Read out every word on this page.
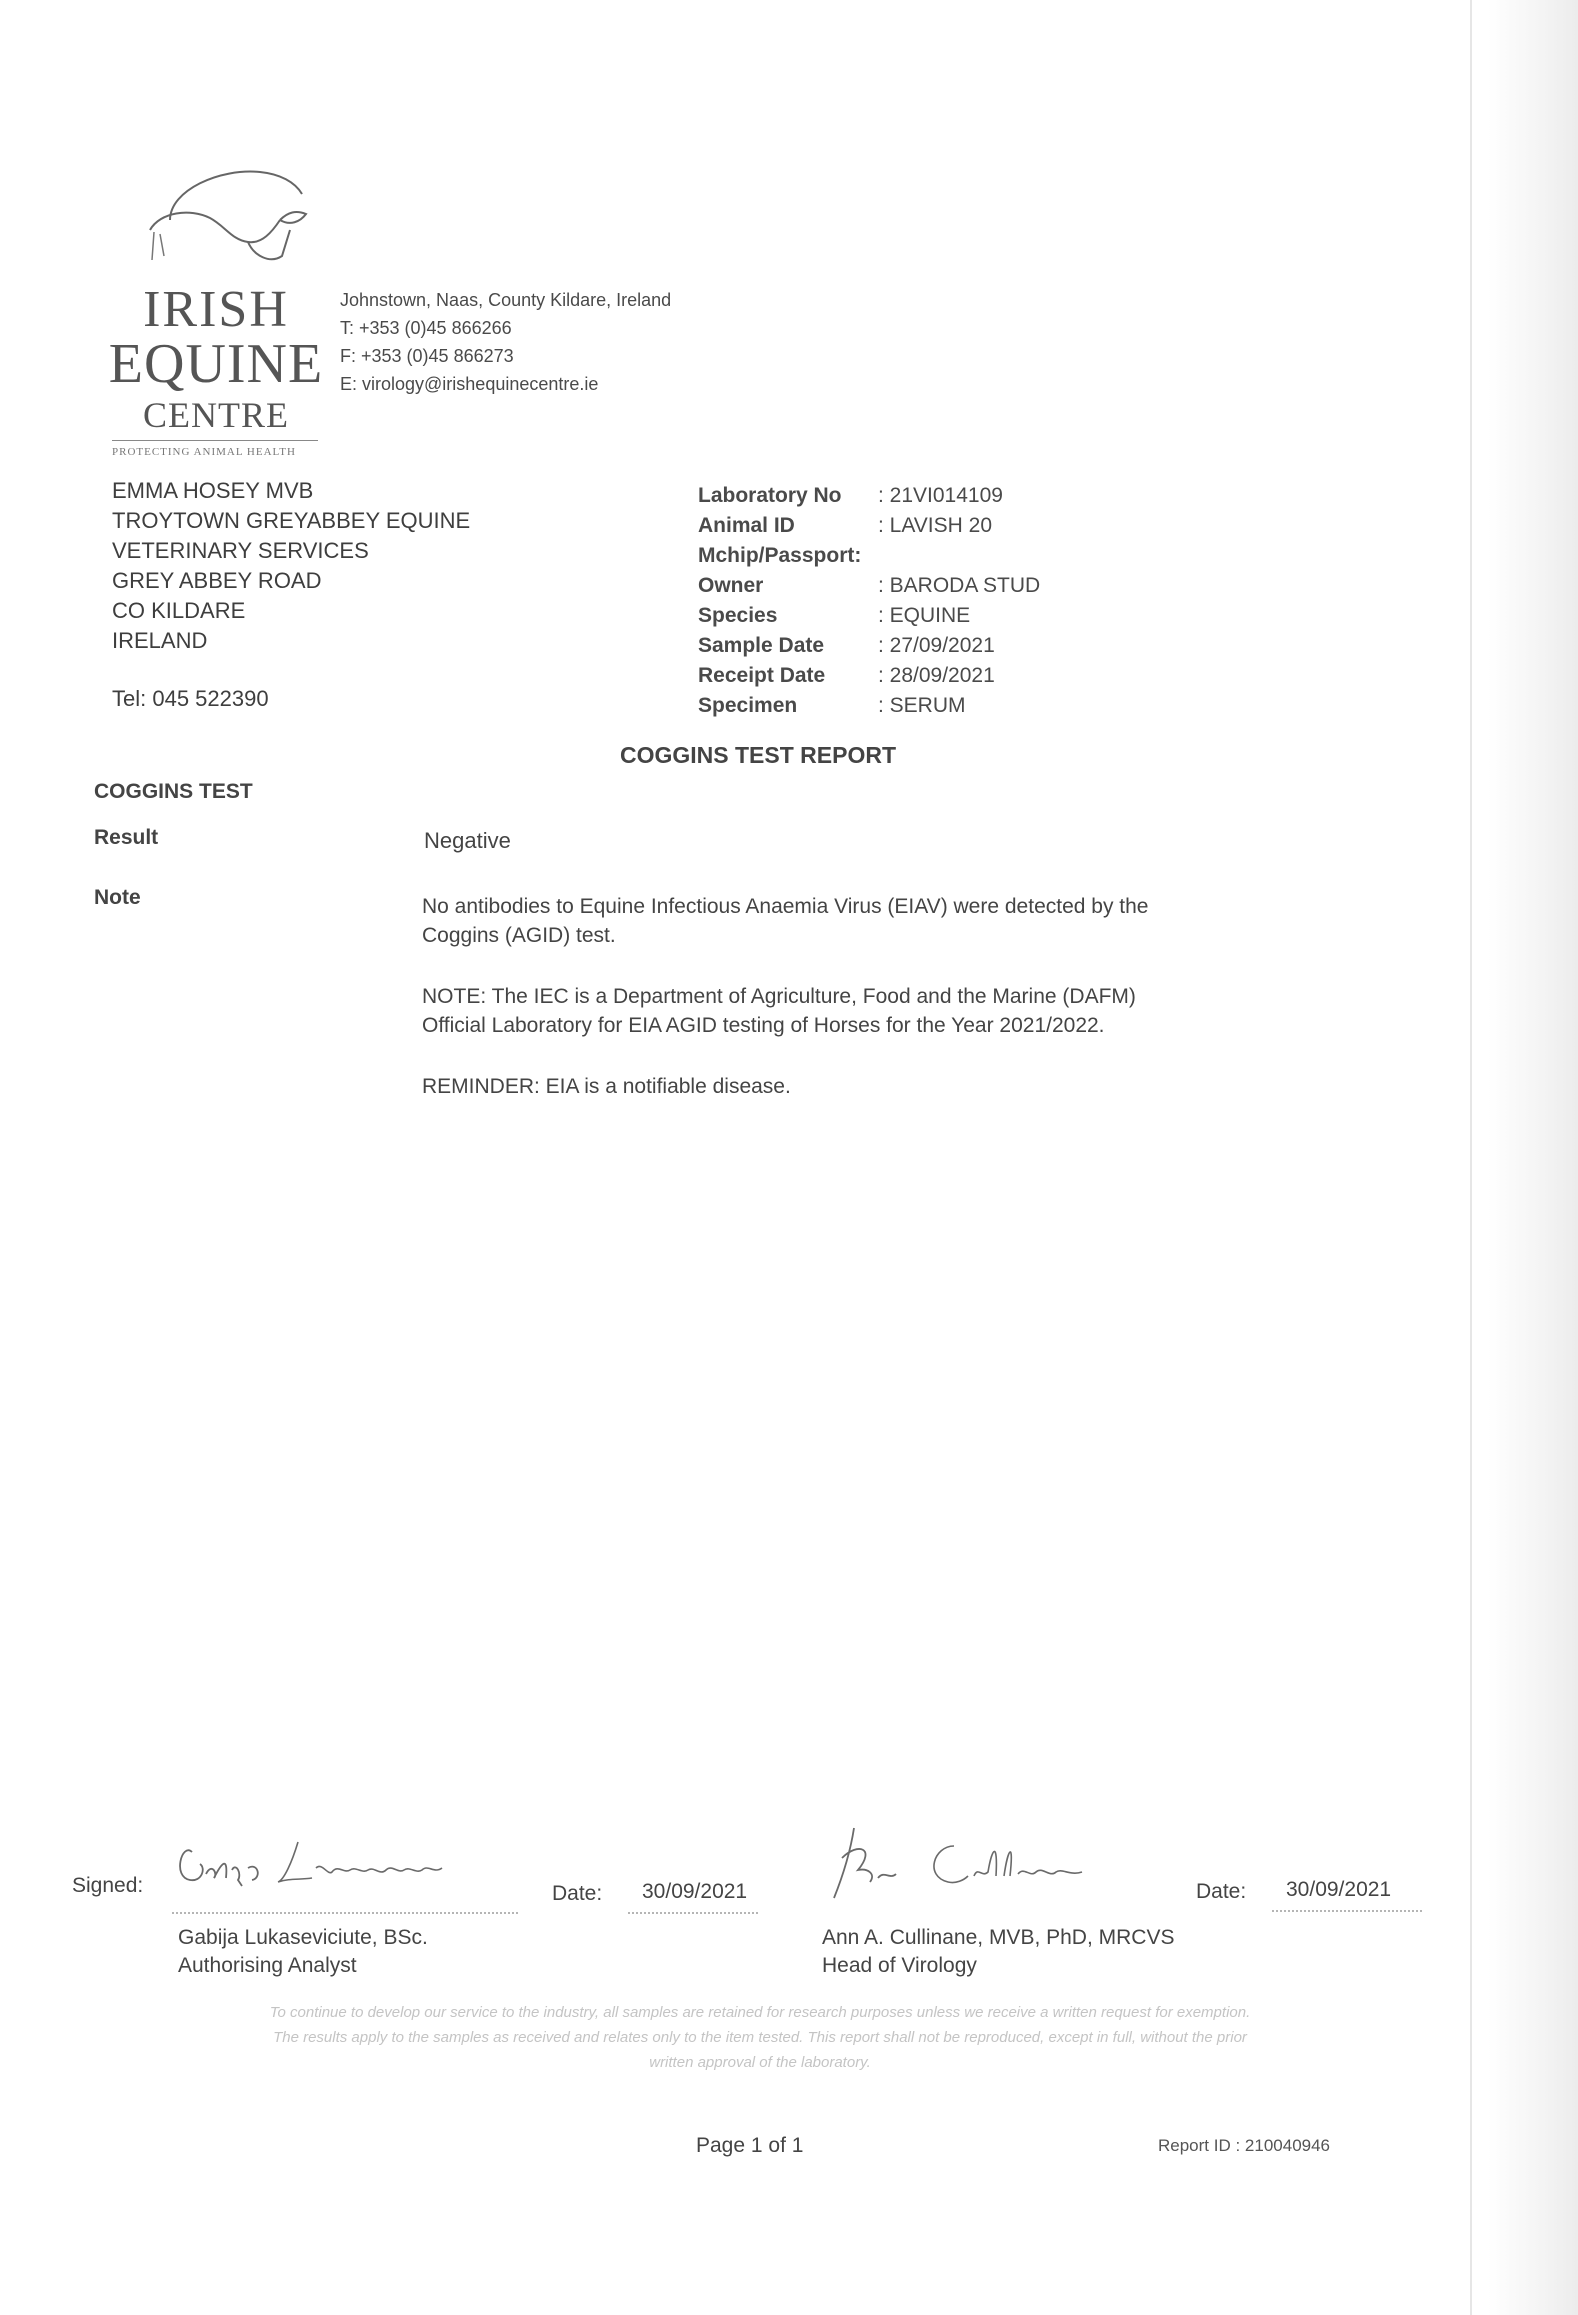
IRISH
EQUINE
CENTRE
PROTECTING ANIMAL HEALTH
Johnstown, Naas, County Kildare, Ireland
T: +353 (0)45 866266
F: +353 (0)45 866273
E: virology@irishequinecentre.ie
EMMA HOSEY MVB
TROYTOWN GREYABBEY EQUINE
VETERINARY SERVICES
GREY ABBEY ROAD
CO KILDARE
IRELAND
Tel: 045 522390
Laboratory No : 21VI014109
Animal ID	: LAVISH 20
Mchip/Passport:
Owner	: BARODA STUD
Species	: EQUINE
Sample Date	: 27/09/2021
Receipt Date	: 28/09/2021
Specimen	: SERUM
COGGINS TEST REPORT
COGGINS TEST
Result	Negative
Note	No antibodies to Equine Infectious Anaemia Virus (EIAV) were detected by the Coggins (AGID) test.

NOTE: The IEC is a Department of Agriculture, Food and the Marine (DAFM) Official Laboratory for EIA AGID testing of Horses for the Year 2021/2022.

REMINDER: EIA is a notifiable disease.

Signed:	Date: 30/09/2021
Gabija Lukaseviciute, BSc.
Authorising Analyst
Date: 30/09/2021
Ann A. Cullinane, MVB, PhD, MRCVS
Head of Virology
To continue to develop our service to the industry, all samples are retained for research purposes unless we receive a written request for exemption.
The results apply to the samples as received and relates only to the item tested. This report shall not be reproduced, except in full, without the prior
written approval of the laboratory.
Page 1 of 1	Report ID : 210040946
